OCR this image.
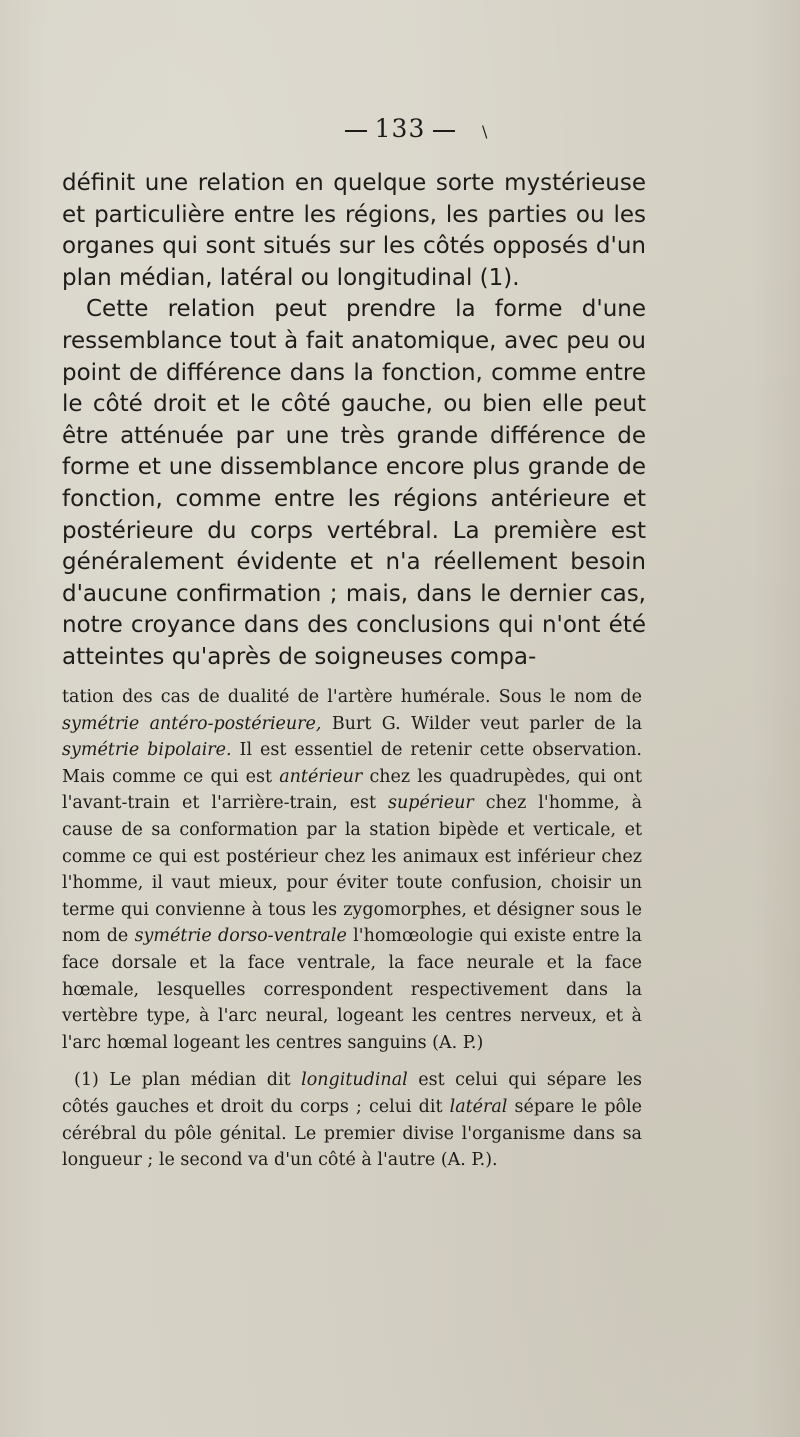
133	\

définit une relation en quelque sorte mystérieuse et particulière entre les régions, les parties ou les organes qui sont situés sur les côtés opposés d'un plan médian, latéral ou longitudinal (1).

Cette relation peut prendre la forme d'une ressemblance tout à fait anatomique, avec peu ou point de différence dans la fonction, comme entre le côté droit et le côté gauche, ou bien elle peut être atténuée par une très grande différence de forme et une dissemblance encore plus grande de fonction, comme entre les régions antérieure et postérieure du corps vertébral. La première est généralement évidente et n'a réellement besoin d'aucune confirmation ; mais, dans le dernier cas, notre croyance dans des conclusions qui n'ont été atteintes qu'après de soigneuses compa-

tation des cas de dualité de l'artère humérale. Sous le nom de symétrie antéro-postérieure, Burt G. Wilder veut parler de la symétrie bipolaire. Il est essentiel de retenir cette observation. Mais comme ce qui est antérieur chez les quadrupèdes, qui ont l'avant-train et l'arrière-train, est supérieur chez l'homme, à cause de sa conformation par la station bipède et verticale, et comme ce qui est postérieur chez les animaux est inférieur chez l'homme, il vaut mieux, pour éviter toute confusion, choisir un terme qui convienne à tous les zygomorphes, et désigner sous le nom de symétrie dorso-ventrale l'homœologie qui existe entre la face dorsale et la face ventrale, la face neurale et la face hœmale, lesquelles correspondent respectivement dans la vertèbre type, à l'arc neural, logeant les centres nerveux, et à l'arc hœmal logeant les centres sanguins (A. P.)

(1) Le plan médian dit longitudinal est celui qui sépare les côtés gauches et droit du corps ; celui dit latéral sépare le pôle cérébral du pôle génital. Le premier divise l'organisme dans sa longueur ; le second va d'un côté à l'autre (A. P.).
